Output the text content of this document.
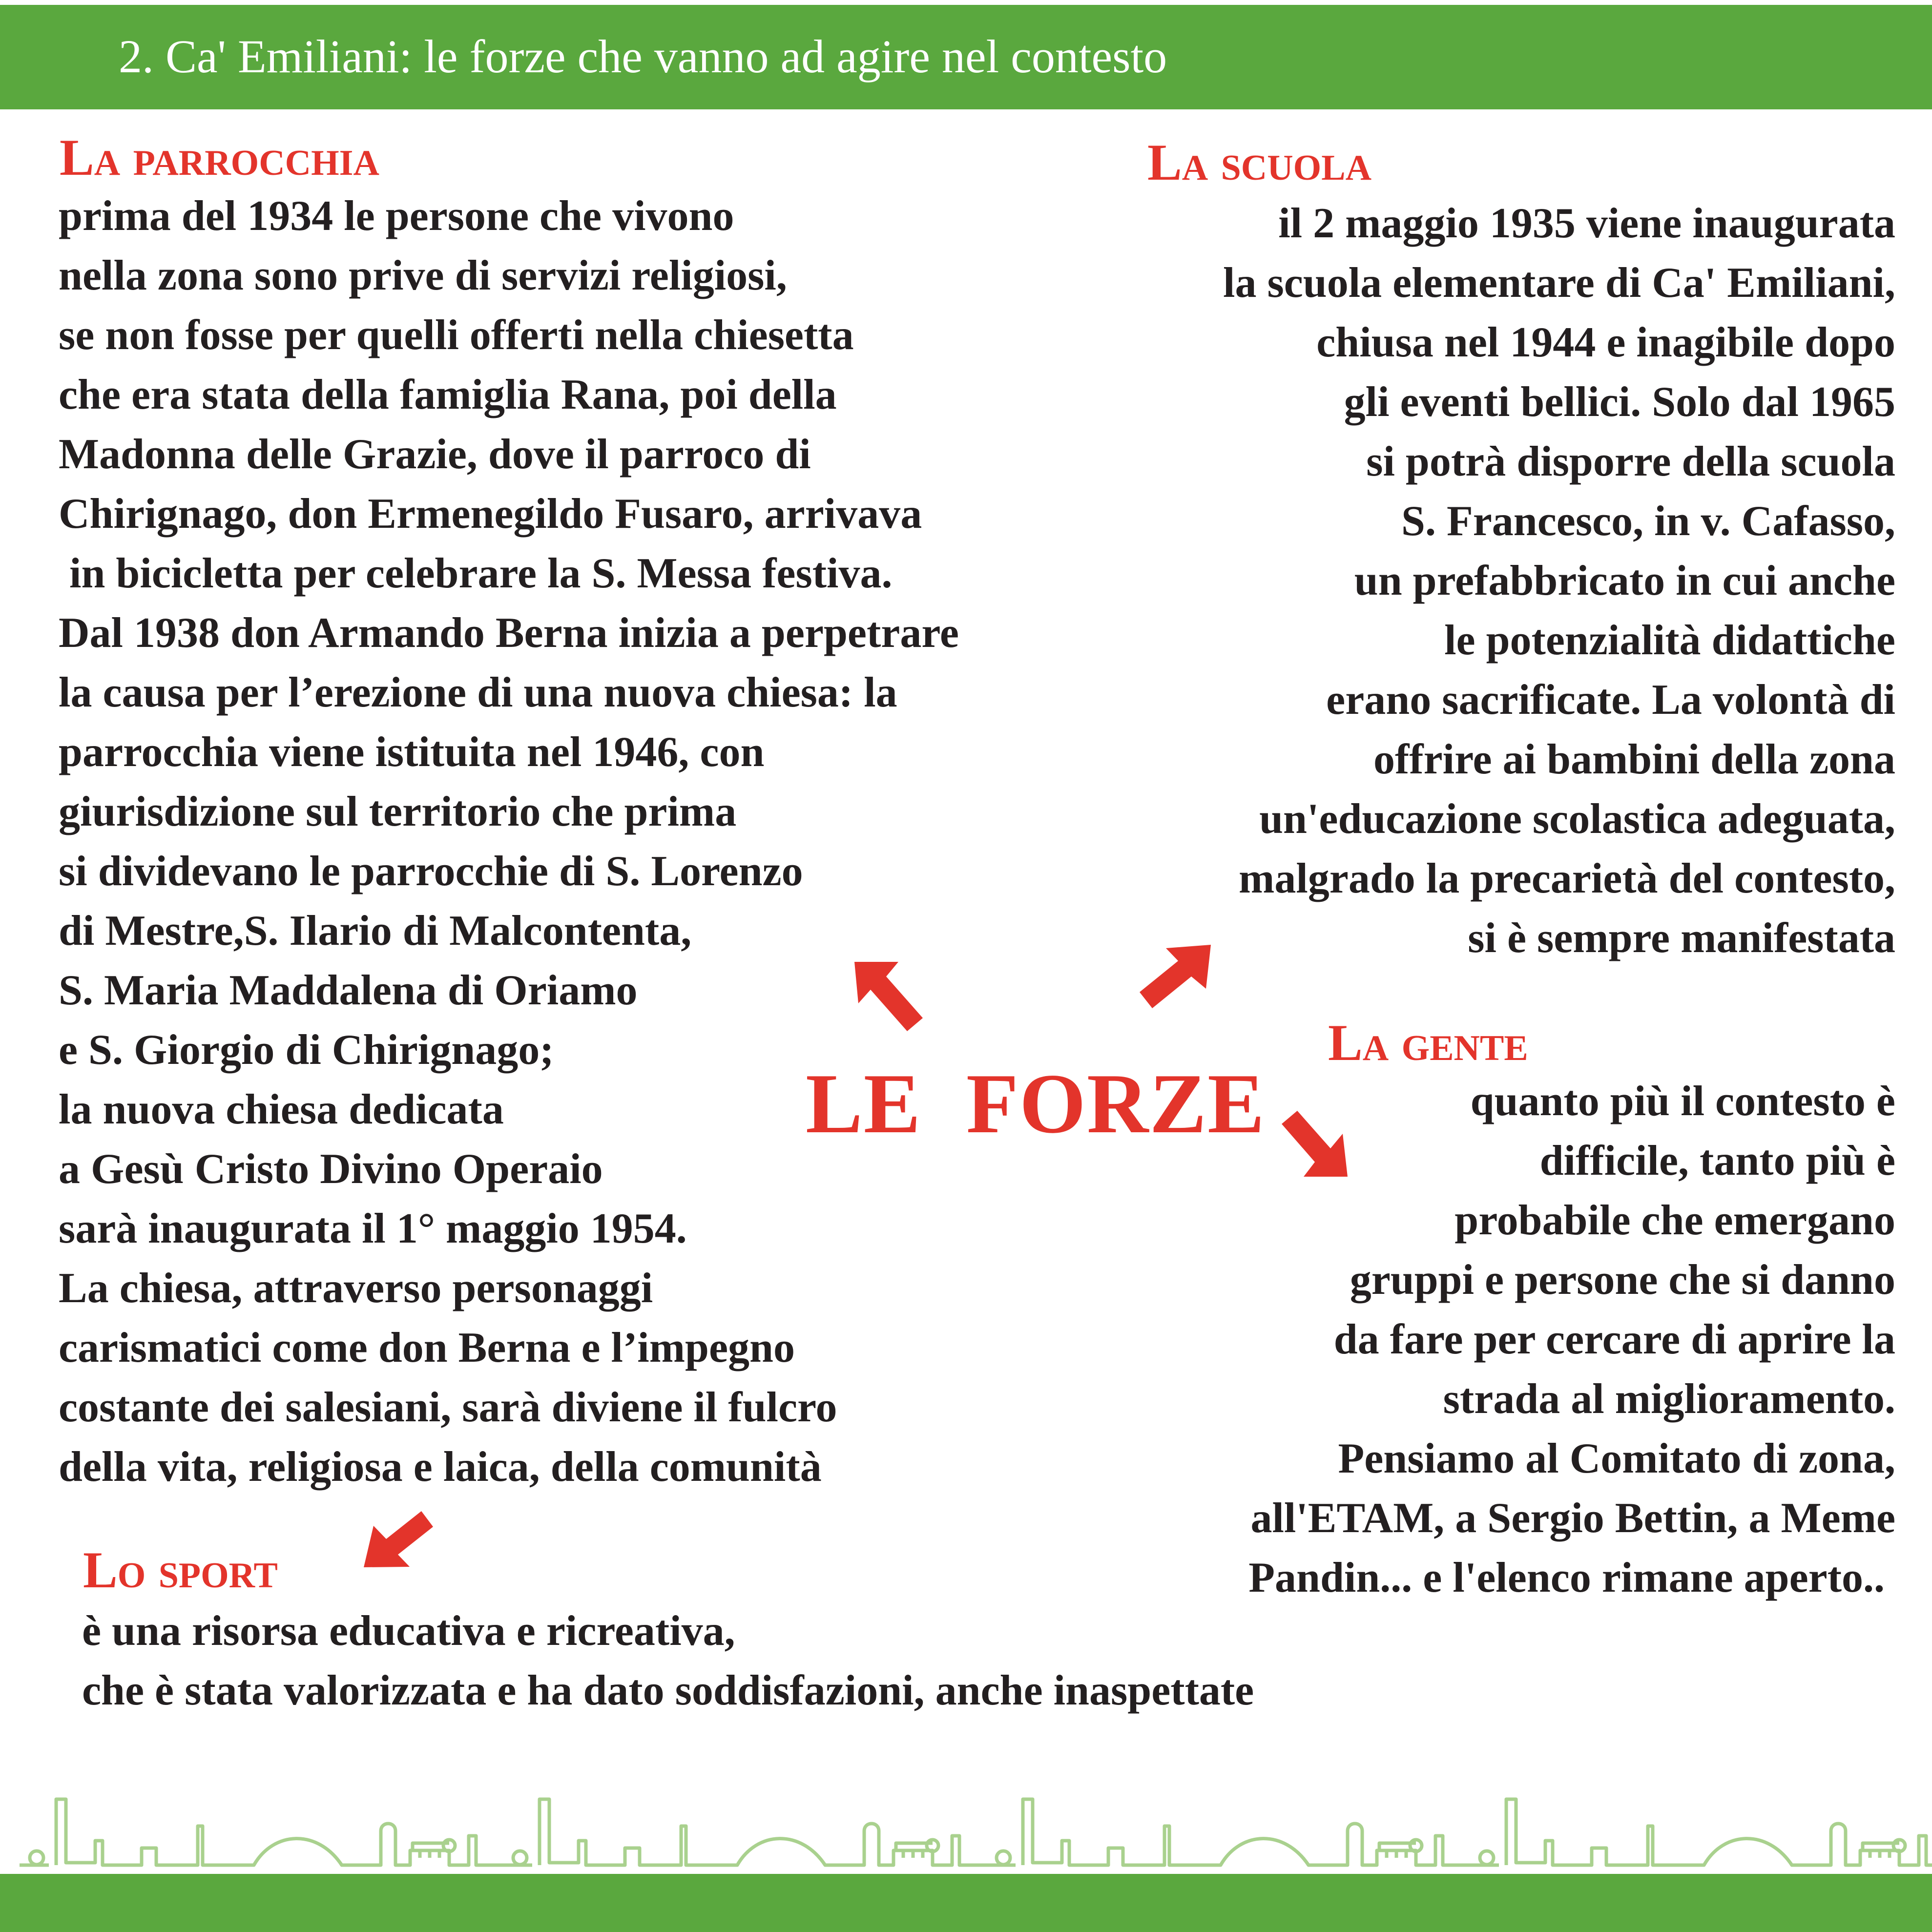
2. Ca' Emiliani: le forze che vanno ad agire nel contesto
La parrocchia
prima del 1934 le persone che vivono
nella zona sono prive di servizi religiosi,
se non fosse per quelli offerti nella chiesetta
che era stata della famiglia Rana, poi della
Madonna delle Grazie, dove il parroco di
Chirignago, don Ermenegildo Fusaro, arrivava
in bicicletta per celebrare la S. Messa festiva.
Dal 1938 don Armando Berna inizia a perpetrare
la causa per l’erezione di una nuova chiesa: la
parrocchia viene istituita nel 1946, con
giurisdizione sul territorio che prima
si dividevano le parrocchie di S. Lorenzo
di Mestre,S. Ilario di Malcontenta,
S. Maria Maddalena di Oriamo
e S. Giorgio di Chirignago;
la nuova chiesa dedicata
a Gesù Cristo Divino Operaio
sarà inaugurata il 1° maggio 1954.
La chiesa, attraverso personaggi
carismatici come don Berna e l’impegno
costante dei salesiani, sarà diviene il fulcro
della vita, religiosa e laica, della comunità
La scuola
il 2 maggio 1935 viene inaugurata
la scuola elementare di Ca' Emiliani,
chiusa nel 1944 e inagibile dopo
gli eventi bellici. Solo dal 1965
si potrà disporre della scuola
S. Francesco, in v. Cafasso,
un prefabbricato in cui anche
le potenzialità didattiche
erano sacrificate. La volontà di
offrire ai bambini della zona
un'educazione scolastica adeguata,
malgrado la precarietà del contesto,
si è sempre manifestata
LE  FORZE
La gente
quanto più il contesto è
difficile, tanto più è
probabile che emergano
gruppi e persone che si danno
da fare per cercare di aprire la
strada al miglioramento.
Pensiamo al Comitato di zona,
all'ETAM, a Sergio Bettin, a Meme
Pandin... e l'elenco rimane aperto..
Lo sport
è una risorsa educativa e ricreativa,
che è stata valorizzata e ha dato soddisfazioni, anche inaspettate
